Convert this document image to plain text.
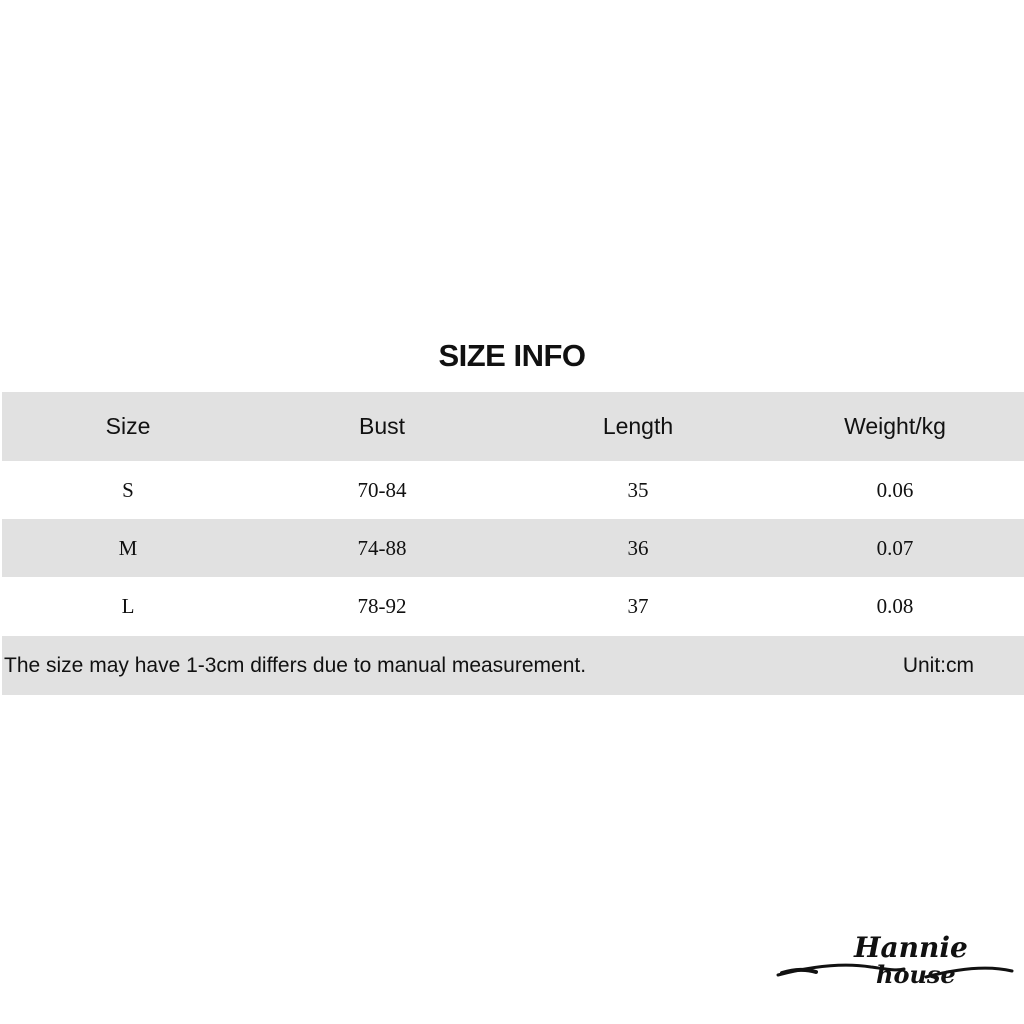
SIZE INFO
Size	Bust	Length	Weight/kg
S	70-84	35	0.06
M	74-88	36	0.07
L	78-92	37	0.08
The size may have 1-3cm differs due to manual measurement.	Unit:cm
Hannie
house
